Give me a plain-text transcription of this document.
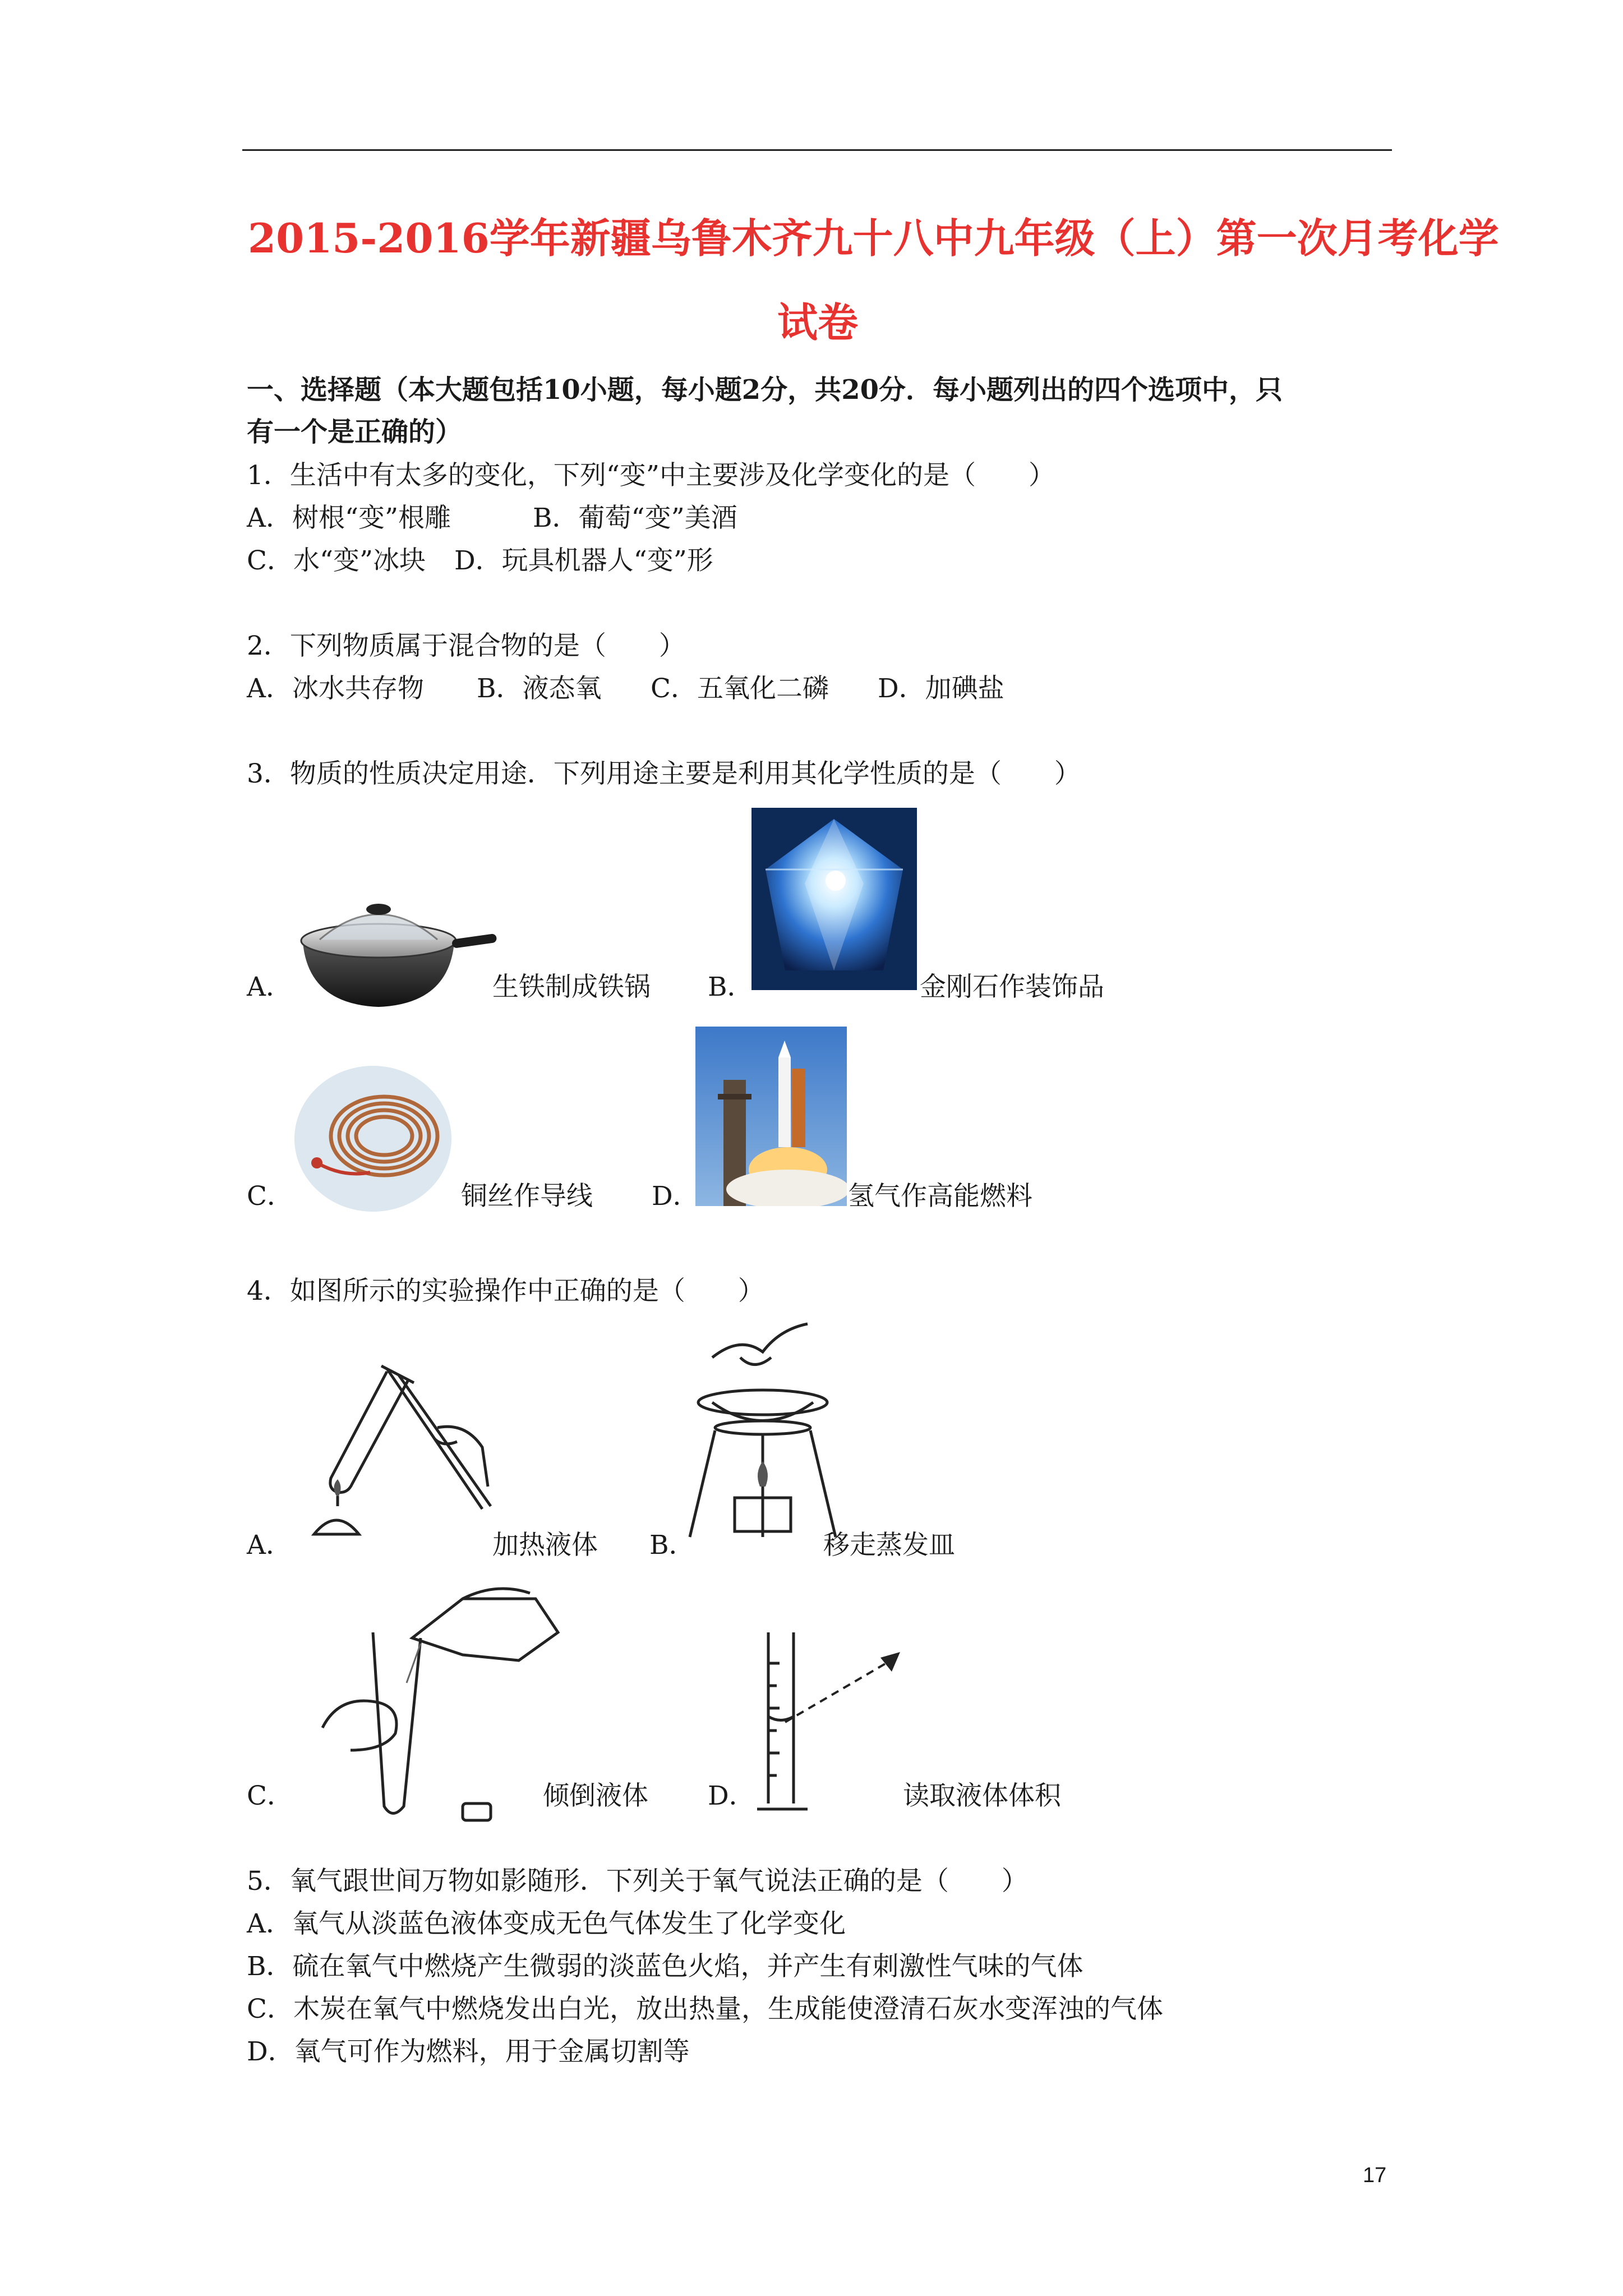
2015-2016学年新疆乌鲁木齐九十八中九年级（上）第一次月考化学
试卷
一、选择题（本大题包括10小题，每小题2分，共20分．每小题列出的四个选项中，只
有一个是正确的）
1．生活中有太多的变化，下列“变”中主要涉及化学变化的是（　　）
A．树根“变”根雕	B．葡萄“变”美酒
C．水“变”冰块 D．玩具机器人“变”形
2．下列物质属于混合物的是（　　）
A．冰水共存物 B．液态氧 C．五氧化二磷 D．加碘盐
3．物质的性质决定用途．下列用途主要是利用其化学性质的是（　　）
A．	生铁制成铁锅 B．	金刚石作装饰品
C．	铜丝作导线 D．	氢气作高能燃料
4．如图所示的实验操作中正确的是（　　）
A．	加热液体 B．	移走蒸发皿
C．	倾倒液体 D．	读取液体体积
5．氧气跟世间万物如影随形．下列关于氧气说法正确的是（　　）
A．氧气从淡蓝色液体变成无色气体发生了化学变化
B．硫在氧气中燃烧产生微弱的淡蓝色火焰，并产生有刺激性气味的气体
C．木炭在氧气中燃烧发出白光，放出热量，生成能使澄清石灰水变浑浊的气体
D．氧气可作为燃料，用于金属切割等
17
